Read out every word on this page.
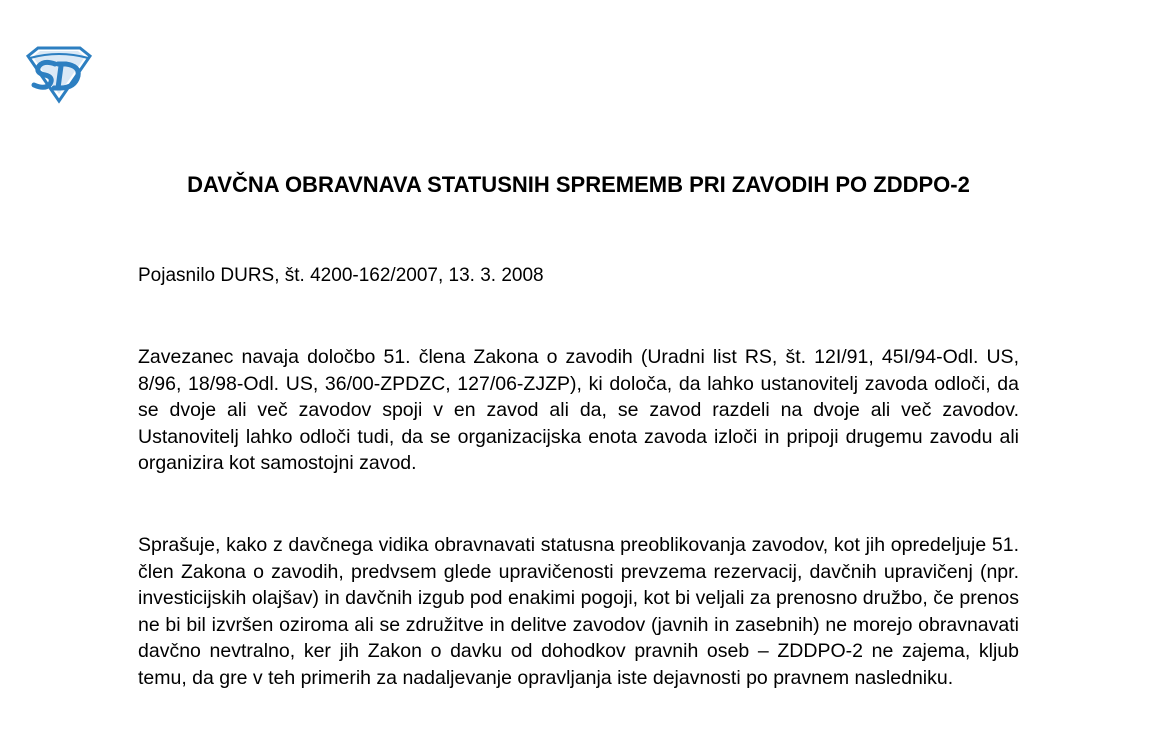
DAVČNA OBRAVNAVA STATUSNIH SPREMEMB PRI ZAVODIH PO ZDDPO-2

Pojasnilo DURS, št. 4200-162/2007, 13. 3. 2008

Zavezanec navaja določbo 51. člena Zakona o zavodih (Uradni list RS, št. 12I/91, 45I/94-Odl. US, 8/96, 18/98-Odl. US, 36/00-ZPDZC, 127/06-ZJZP), ki določa, da lahko ustanovitelj zavoda odloči, da se dvoje ali več zavodov spoji v en zavod ali da, se zavod razdeli na dvoje ali več zavodov. Ustanovitelj lahko odloči tudi, da se organizacijska enota zavoda izloči in pripoji drugemu zavodu ali organizira kot samostojni zavod.

Sprašuje, kako z davčnega vidika obravnavati statusna preoblikovanja zavodov, kot jih opredeljuje 51. člen Zakona o zavodih, predvsem glede upravičenosti prevzema rezervacij, davčnih upravičenj (npr. investicijskih olajšav) in davčnih izgub pod enakimi pogoji, kot bi veljali za prenosno družbo, če prenos ne bi bil izvršen oziroma ali se združitve in delitve zavodov (javnih in zasebnih) ne morejo obravnavati davčno nevtralno, ker jih Zakon o davku od dohodkov pravnih oseb – ZDDPO-2 ne zajema, kljub temu, da gre v teh primerih za nadaljevanje opravljanja iste dejavnosti po pravnem nasledniku.
